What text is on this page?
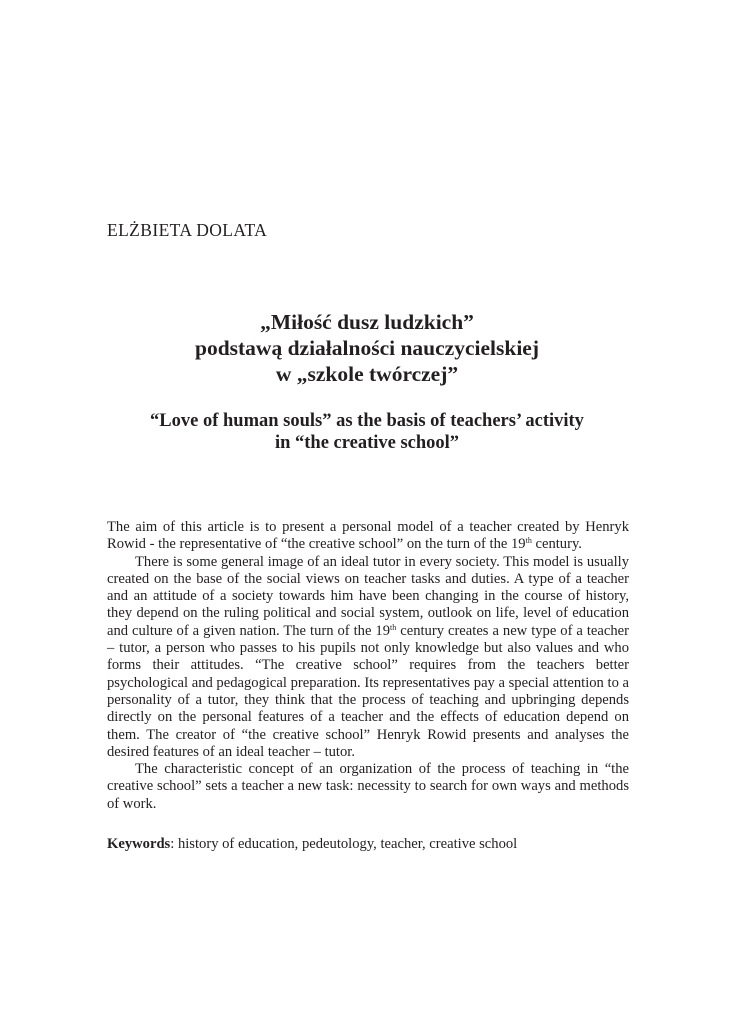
ELŻBIETA DOLATA
„Miłość dusz ludzkich”
podstawą działalności nauczycielskiej
w „szkole twórczej”
“Love of human souls” as the basis of teachers’ activity
in “the creative school”

The aim of this article is to present a personal model of a teacher created by Henryk Rowid - the representative of “the creative school” on the turn of the 19th century.

There is some general image of an ideal tutor in every society. This model is usually created on the base of the social views on teacher tasks and duties. A type of a teacher and an attitude of a society towards him have been changing in the course of history, they depend on the ruling political and social system, outlook on life, level of education and culture of a given nation. The turn of the 19th century creates a new type of a teacher – tutor, a person who passes to his pupils not only knowledge but also values and who forms their attitudes. “The creative school” requires from the teachers better psychological and pedagogical preparation. Its representatives pay a special attention to a personality of a tutor, they think that the process of teaching and upbringing depends directly on the personal features of a teacher and the effects of education depend on them. The creator of “the creative school” Henryk Rowid presents and analyses the desired features of an ideal teacher – tutor.

The characteristic concept of an organization of the process of teaching in “the creative school” sets a teacher a new task: necessity to search for own ways and methods of work.

Keywords: history of education, pedeutology, teacher, creative school
